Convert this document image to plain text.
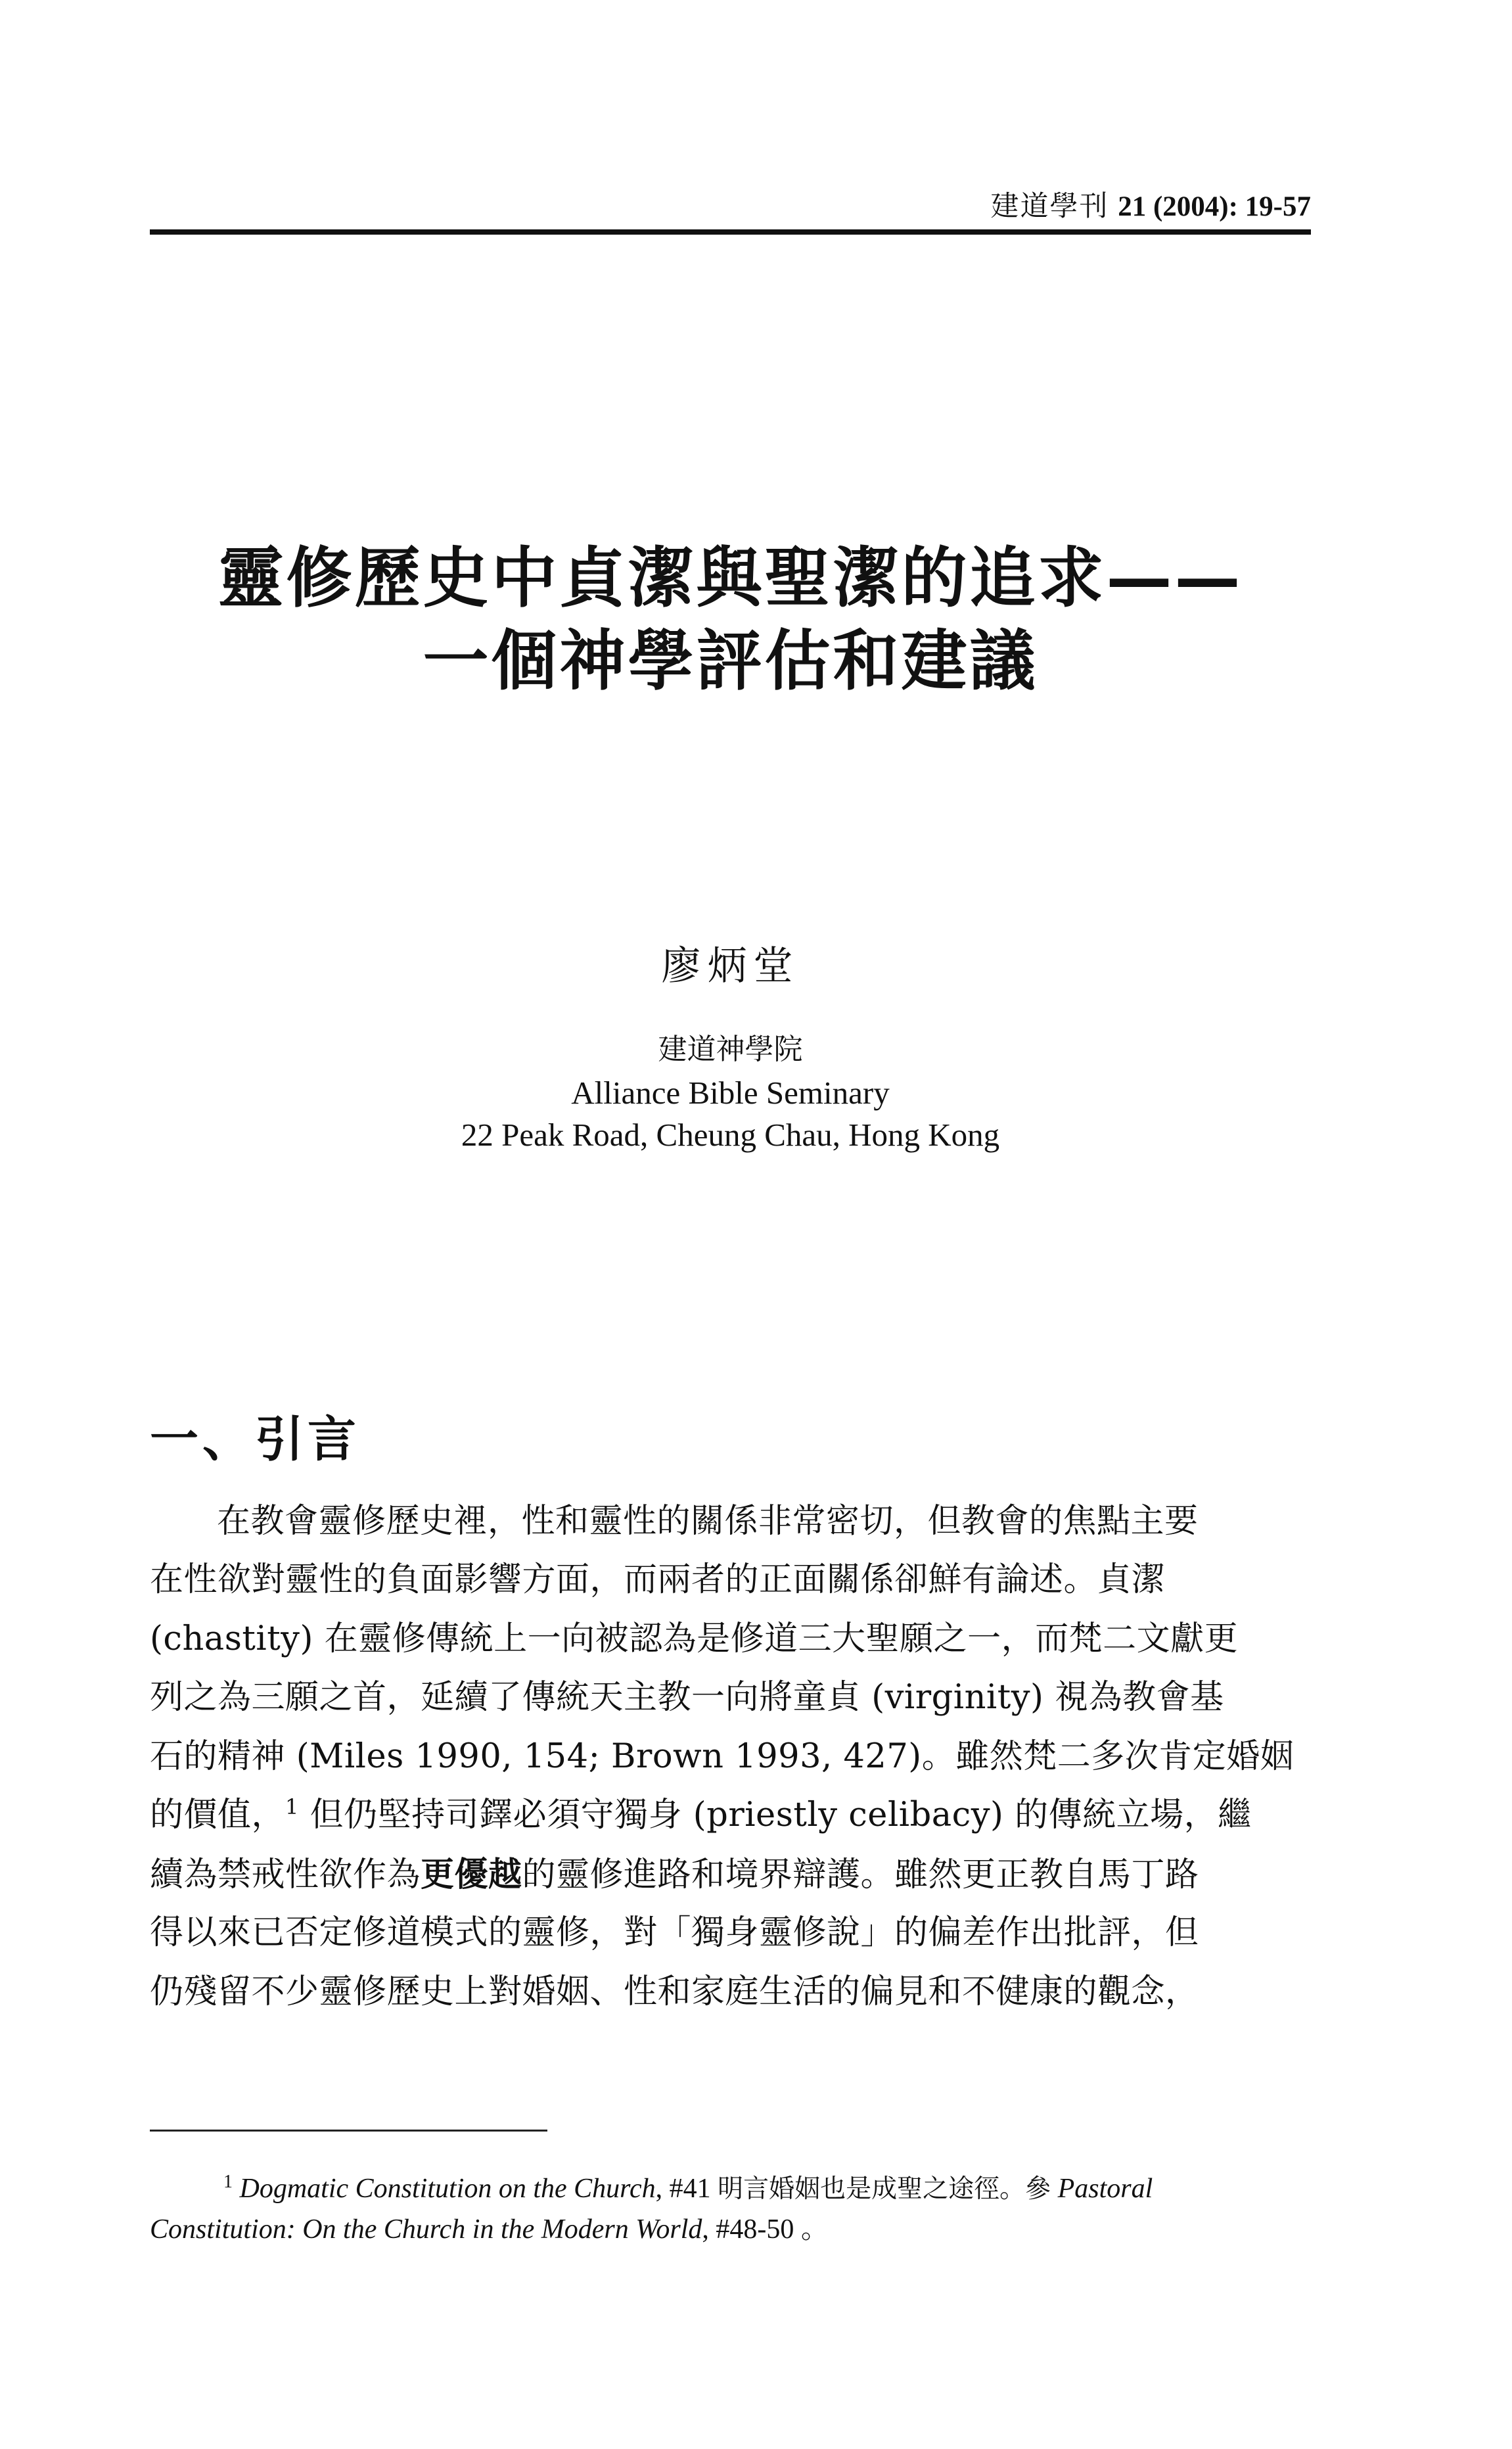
建道學刊 21 (2004): 19-57
靈修歷史中貞潔與聖潔的追求——
一個神學評估和建議
廖炳堂
建道神學院
Alliance Bible Seminary
22 Peak Road, Cheung Chau, Hong Kong
一、引言
在教會靈修歷史裡，性和靈性的關係非常密切，但教會的焦點主要
在性欲對靈性的負面影響方面，而兩者的正面關係卻鮮有論述。貞潔
(chastity) 在靈修傳統上一向被認為是修道三大聖願之一，而梵二文獻更
列之為三願之首，延續了傳統天主教一向將童貞 (virginity) 視為教會基
石的精神 (Miles 1990, 154; Brown 1993, 427)。雖然梵二多次肯定婚姻
的價值，$^1$ 但仍堅持司鐸必須守獨身 (priestly celibacy) 的傳統立場，繼
續為禁戒性欲作為更優越的靈修進路和境界辯護。雖然更正教自馬丁路
得以來已否定修道模式的靈修，對「獨身靈修說」的偏差作出批評，但
仍殘留不少靈修歷史上對婚姻、性和家庭生活的偏見和不健康的觀念，
$^1$ Dogmatic Constitution on the Church, #41 明言婚姻也是成聖之途徑。參 Pastoral
Constitution: On the Church in the Modern World, #48-50 。
